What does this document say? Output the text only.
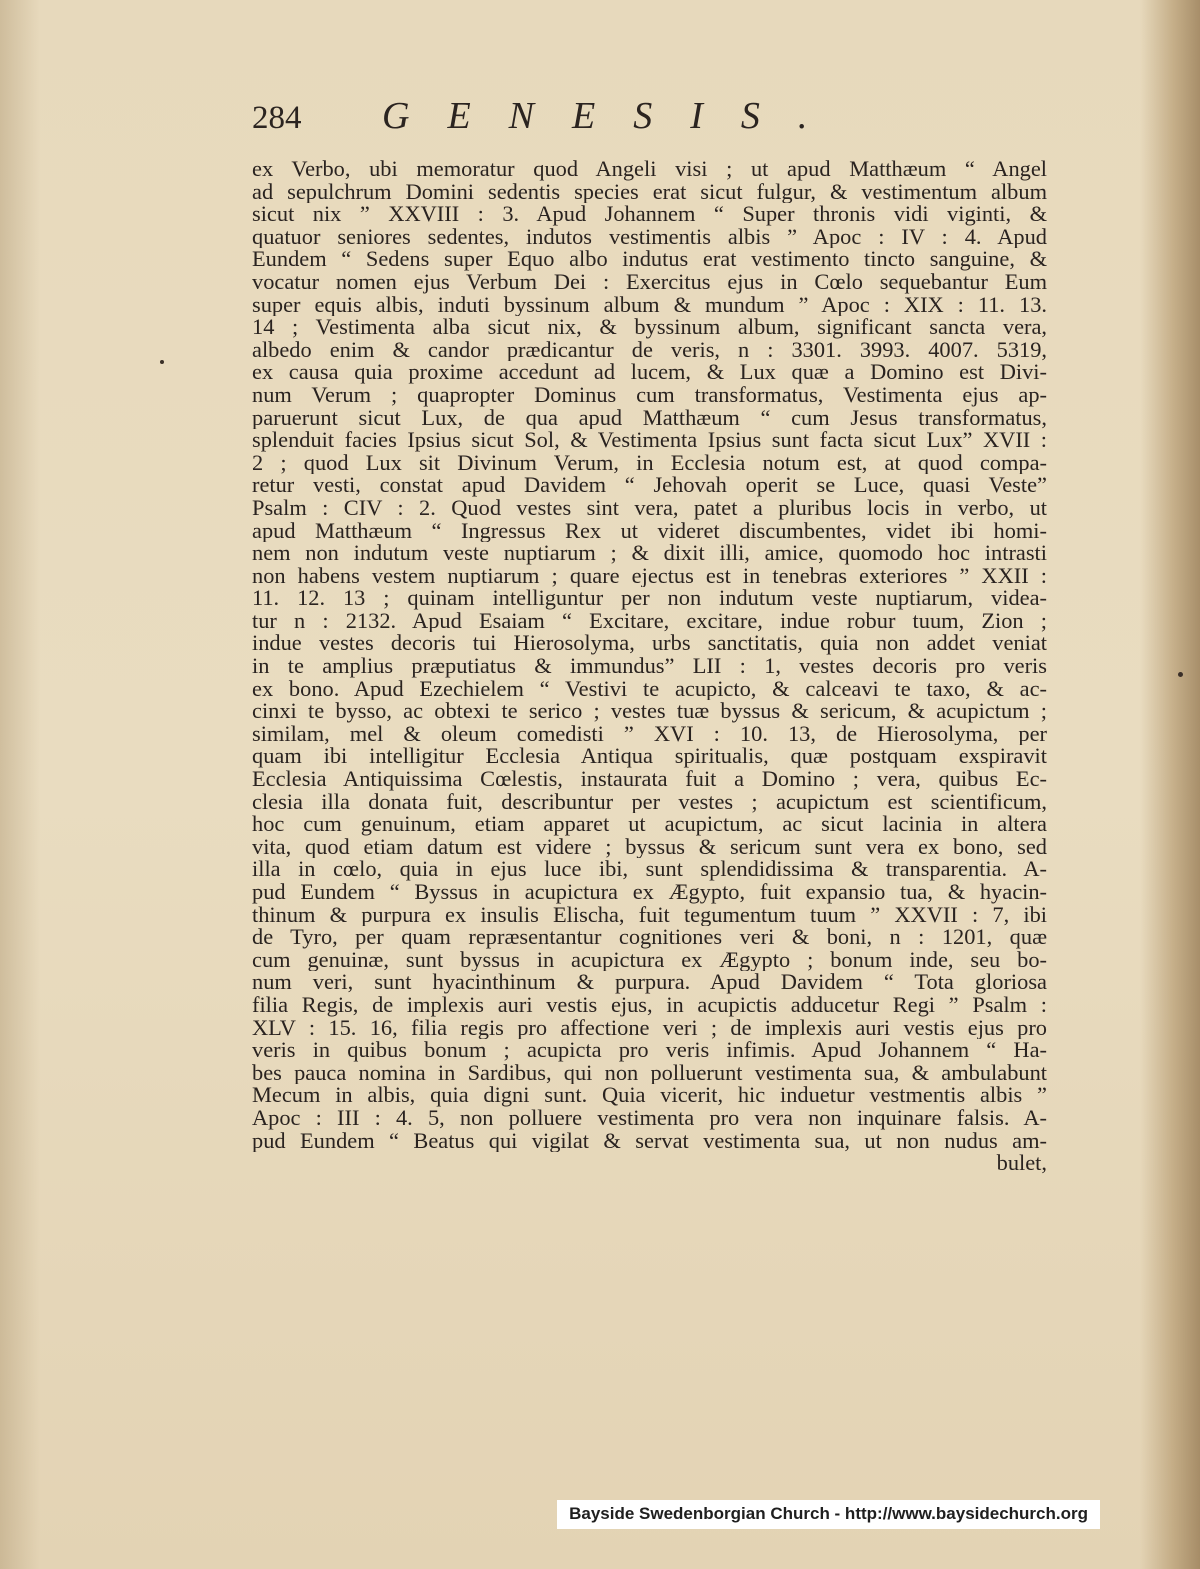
284 GENESIS.
ex Verbo, ubi memoratur quod Angeli visi ; ut apud Matthæum “ Angel
ad sepulchrum Domini sedentis species erat sicut fulgur, & vestimentum album
sicut nix ” XXVIII : 3. Apud Johannem “ Super thronis vidi viginti, &
quatuor seniores sedentes, indutos vestimentis albis ” Apoc : IV : 4. Apud
Eundem “ Sedens super Equo albo indutus erat vestimento tincto sanguine, &
vocatur nomen ejus Verbum Dei : Exercitus ejus in Cœlo sequebantur Eum
super equis albis, induti byssinum album & mundum ” Apoc : XIX : 11. 13.
14 ; Vestimenta alba sicut nix, & byssinum album, significant sancta vera,
albedo enim & candor prædicantur de veris, n : 3301. 3993. 4007. 5319,
ex causa quia proxime accedunt ad lucem, & Lux quæ a Domino est Divi-
num Verum ; quapropter Dominus cum transformatus, Vestimenta ejus ap-
paruerunt sicut Lux, de qua apud Matthæum “ cum Jesus transformatus,
splenduit facies Ipsius sicut Sol, & Vestimenta Ipsius sunt facta sicut Lux” XVII :
2 ; quod Lux sit Divinum Verum, in Ecclesia notum est, at quod compa-
retur vesti, constat apud Davidem “ Jehovah operit se Luce, quasi Veste”
Psalm : CIV : 2. Quod vestes sint vera, patet a pluribus locis in verbo, ut
apud Matthæum “ Ingressus Rex ut videret discumbentes, videt ibi homi-
nem non indutum veste nuptiarum ; & dixit illi, amice, quomodo hoc intrasti
non habens vestem nuptiarum ; quare ejectus est in tenebras exteriores ” XXII :
11. 12. 13 ; quinam intelliguntur per non indutum veste nuptiarum, videa-
tur n : 2132. Apud Esaiam “ Excitare, excitare, indue robur tuum, Zion ;
indue vestes decoris tui Hierosolyma, urbs sanctitatis, quia non addet veniat
in te amplius præputiatus & immundus” LII : 1, vestes decoris pro veris
ex bono. Apud Ezechielem “ Vestivi te acupicto, & calceavi te taxo, & ac-
cinxi te bysso, ac obtexi te serico ; vestes tuæ byssus & sericum, & acupictum ;
similam, mel & oleum comedisti ” XVI : 10. 13, de Hierosolyma, per
quam ibi intelligitur Ecclesia Antiqua spiritualis, quæ postquam exspiravit
Ecclesia Antiquissima Cœlestis, instaurata fuit a Domino ; vera, quibus Ec-
clesia illa donata fuit, describuntur per vestes ; acupictum est scientificum,
hoc cum genuinum, etiam apparet ut acupictum, ac sicut lacinia in altera
vita, quod etiam datum est videre ; byssus & sericum sunt vera ex bono, sed
illa in cœlo, quia in ejus luce ibi, sunt splendidissima & transparentia. A-
pud Eundem “ Byssus in acupictura ex Ægypto, fuit expansio tua, & hyacin-
thinum & purpura ex insulis Elischa, fuit tegumentum tuum ” XXVII : 7, ibi
de Tyro, per quam repræsentantur cognitiones veri & boni, n : 1201, quæ
cum genuinæ, sunt byssus in acupictura ex Ægypto ; bonum inde, seu bo-
num veri, sunt hyacinthinum & purpura. Apud Davidem “ Tota gloriosa
filia Regis, de implexis auri vestis ejus, in acupictis adducetur Regi ” Psalm :
XLV : 15. 16, filia regis pro affectione veri ; de implexis auri vestis ejus pro
veris in quibus bonum ; acupicta pro veris infimis. Apud Johannem “ Ha-
bes pauca nomina in Sardibus, qui non polluerunt vestimenta sua, & ambulabunt
Mecum in albis, quia digni sunt. Quia vicerit, hic induetur vestmentis albis ”
Apoc : III : 4. 5, non polluere vestimenta pro vera non inquinare falsis. A-
pud Eundem “ Beatus qui vigilat & servat vestimenta sua, ut non nudus am-
bulet,
Bayside Swedenborgian Church - http://www.baysidechurch.org
